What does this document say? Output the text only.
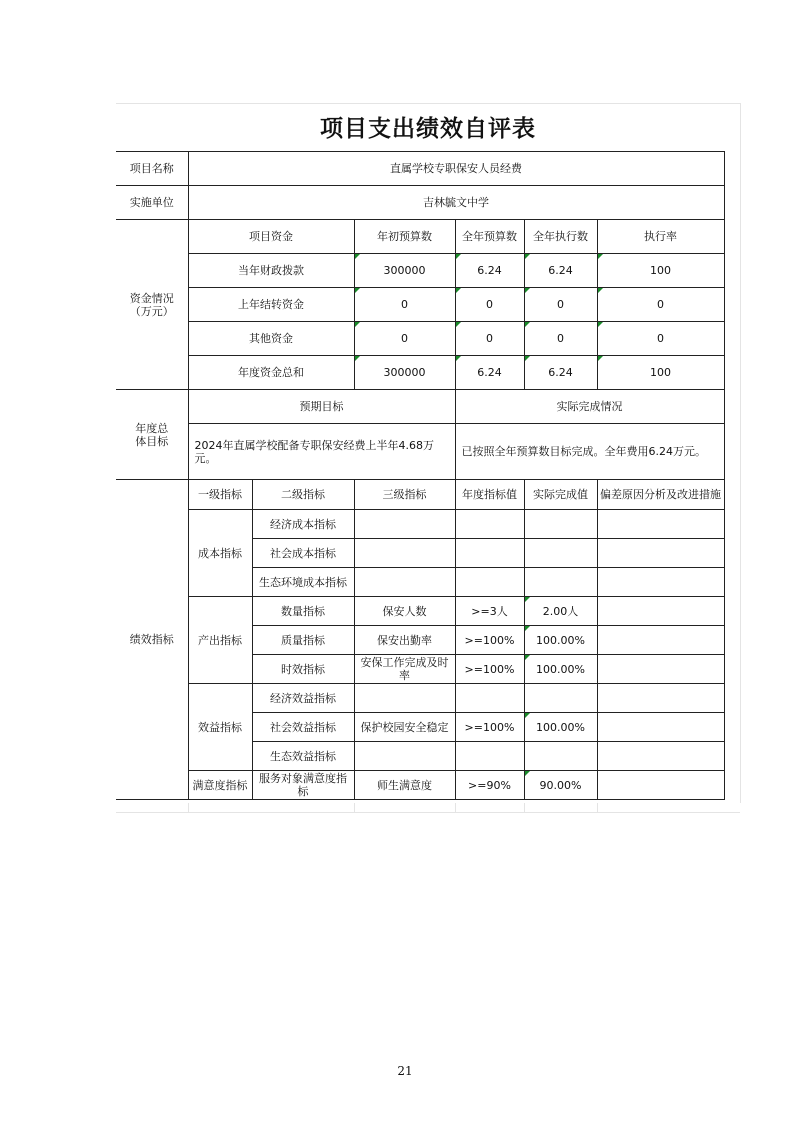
项目支出绩效自评表
项目名称	直属学校专职保安人员经费					
实施单位	吉林毓文中学					
资金情况（万元）	项目资金		年初预算数	全年预算数	全年执行数	执行率
	当年财政拨款		300000	6.24	6.24	100
	上年结转资金		0	0	0	0
	其他资金		0	0	0	0
	年度资金总和		300000	6.24	6.24	100
年度总体目标	预期目标			实际完成情况		
	2024年直属学校配备专职保安经费上半年4.68万元。			已按照全年预算数目标完成。全年费用6.24万元。		
绩效指标	一级指标	二级指标	三级指标	年度指标值	实际完成值	偏差原因分析及改进措施
	成本指标	经济成本指标				
		社会成本指标				
		生态环境成本指标				
	产出指标	数量指标	保安人数	>=3人	2.00人	
		质量指标	保安出勤率	>=100%	100.00%	
		时效指标	安保工作完成及时率	>=100%	100.00%	
	效益指标	经济效益指标				
		社会效益指标	保护校园安全稳定	>=100%	100.00%	
		生态效益指标				
	满意度指标	服务对象满意度指标	师生满意度	>=90%	90.00%	
21
